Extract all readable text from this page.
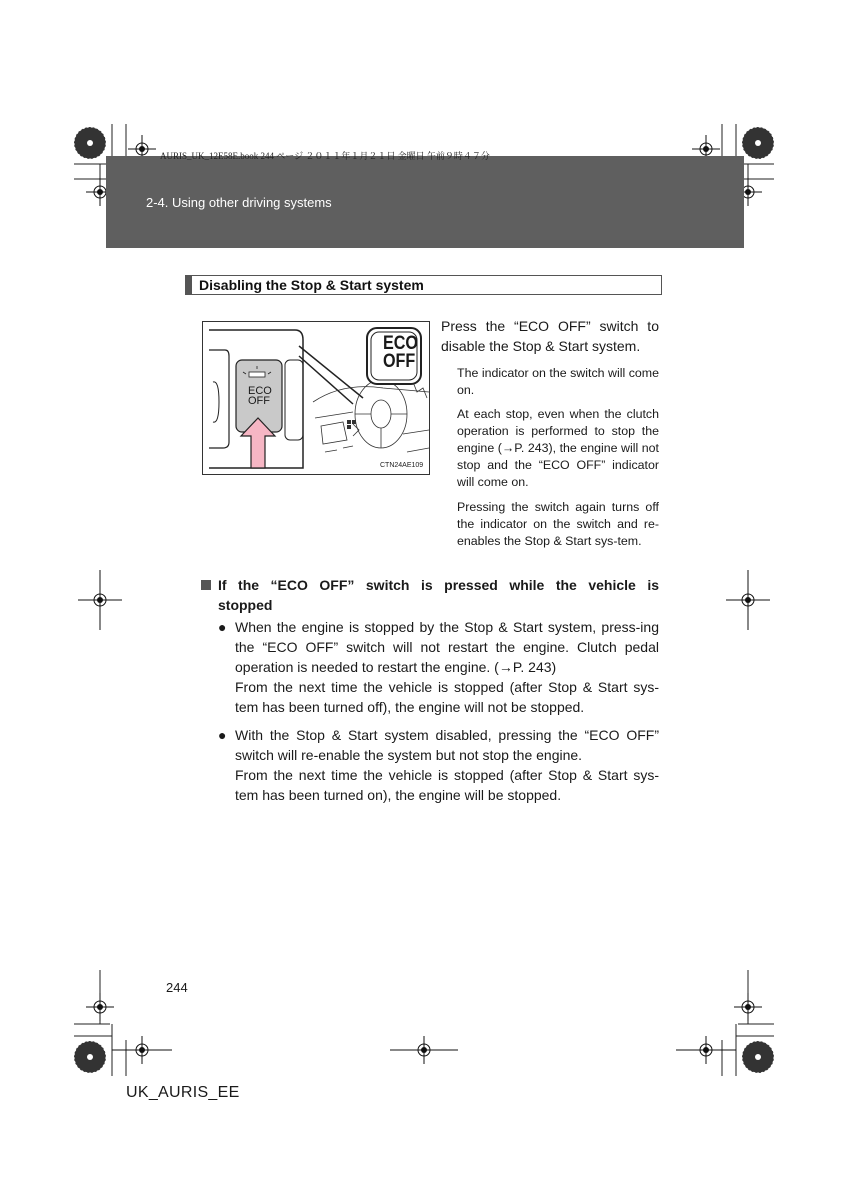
AURIS_UK_12E58E.book 244 ページ ２０１１年１月２１日 金曜日 午前９時４７分
2-4. Using other driving systems
Disabling the Stop & Start system
ECO
OFF
ECO
OFF
CTN24AE109
Press the “ECO OFF” switch to disable the Stop & Start system.
The indicator on the switch will come on.
At each stop, even when the clutch operation is performed to stop the engine (→P. 243), the engine will not stop and the “ECO OFF” indicator will come on.
Pressing the switch again turns off the indicator on the switch and re-enables the Stop & Start sys-tem.
If the “ECO OFF” switch is pressed while the vehicle is
stopped
● When the engine is stopped by the Stop & Start system, press-ing the “ECO OFF” switch will not restart the engine. Clutch pedal operation is needed to restart the engine. (→P. 243)
From the next time the vehicle is stopped (after Stop & Start sys-tem has been turned off), the engine will not be stopped.
● With the Stop & Start system disabled, pressing the “ECO OFF” switch will re-enable the system but not stop the engine.
From the next time the vehicle is stopped (after Stop & Start sys-tem has been turned on), the engine will be stopped.
244
UK_AURIS_EE
